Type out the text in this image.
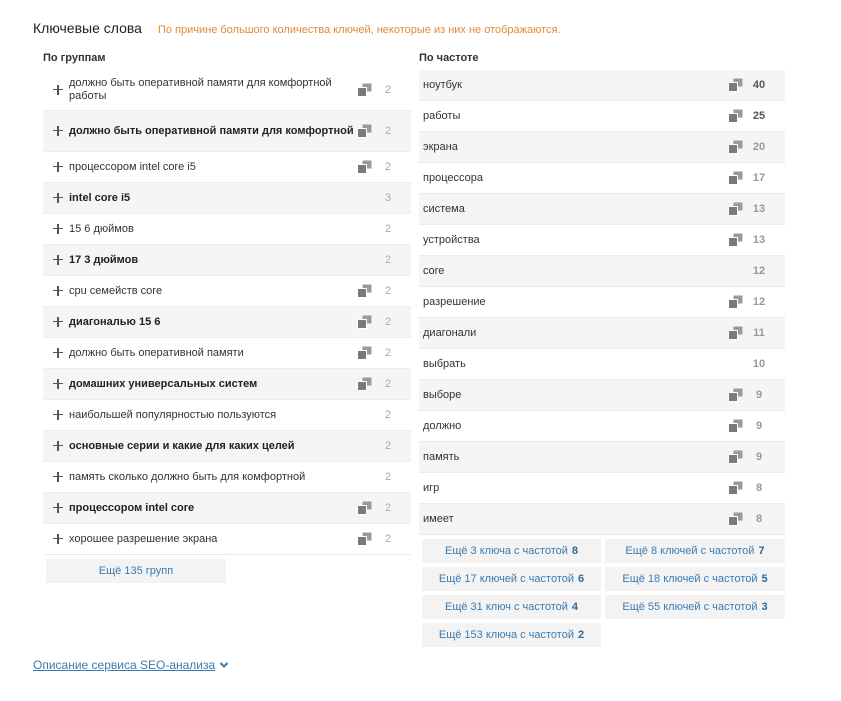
Ключевые слова По причине большого количества ключей, некоторые из них не отображаются.
По группам	По частоте
должно быть оперативной памяти для комфортной работы	2
должно быть оперативной памяти для комфортной	2
процессором intel core i5	2
intel core i5	3
15 6 дюймов	2
17 3 дюймов	2
cpu семейств core	2
диагональю 15 6	2
должно быть оперативной памяти	2
домашних универсальных систем	2
наибольшей популярностью пользуются	2
основные серии и какие для каких целей	2
память сколько должно быть для комфортной	2
процессором intel core	2
хорошее разрешение экрана	2
ноутбук	40
работы	25
экрана	20
процессора	17
система	13
устройства	13
core	12
разрешение	12
диагонали	11
выбрать	10
выборе	9
должно	9
память	9
игр	8
имеет	8
Ещё 135 групп
Ещё 3 ключа с частотой 8	Ещё 8 ключей с частотой 7
Ещё 17 ключей с частотой 6	Ещё 18 ключей с частотой 5
Ещё 31 ключ с частотой 4	Ещё 55 ключей с частотой 3
Ещё 153 ключа с частотой 2
Описание сервиса SEO-анализа
